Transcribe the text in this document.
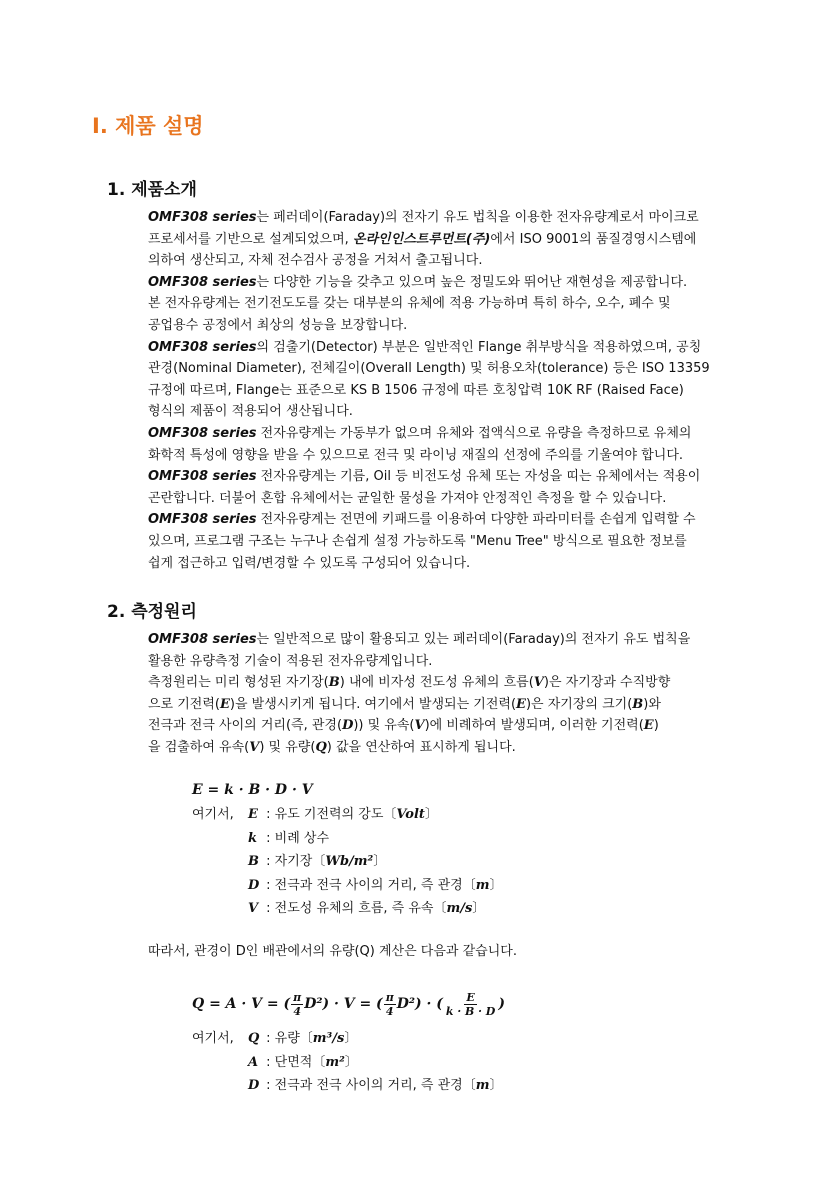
I. 제품 설명
1. 제품소개
OMF308 series는 페러데이(Faraday)의 전자기 유도 법칙을 이용한 전자유량계로서 마이크로
프로세서를 기반으로 설계되었으며, 온라인인스트루먼트(주)에서 ISO 9001의 품질경영시스템에
의하여 생산되고, 자체 전수검사 공정을 거쳐서 출고됩니다.
OMF308 series는 다양한 기능을 갖추고 있으며 높은 정밀도와 뛰어난 재현성을 제공합니다.
본 전자유량계는 전기전도도를 갖는 대부분의 유체에 적용 가능하며 특히 하수, 오수, 폐수 및
공업용수 공정에서 최상의 성능을 보장합니다.
OMF308 series의 검출기(Detector) 부분은 일반적인 Flange 취부방식을 적용하였으며, 공칭
관경(Nominal Diameter), 전체길이(Overall Length) 및 허용오차(tolerance) 등은 ISO 13359
규정에 따르며, Flange는 표준으로 KS B 1506 규정에 따른 호칭압력 10K RF (Raised Face)
형식의 제품이 적용되어 생산됩니다.
OMF308 series 전자유량계는 가동부가 없으며 유체와 접액식으로 유량을 측정하므로 유체의
화학적 특성에 영향을 받을 수 있으므로 전극 및 라이닝 재질의 선정에 주의를 기울여야 합니다.
OMF308 series 전자유량계는 기름, Oil 등 비전도성 유체 또는 자성을 띠는 유체에서는 적용이
곤란합니다. 더불어 혼합 유체에서는 균일한 물성을 가져야 안정적인 측정을 할 수 있습니다.
OMF308 series 전자유량계는 전면에 키패드를 이용하여 다양한 파라미터를 손쉽게 입력할 수
있으며, 프로그램 구조는 누구나 손쉽게 설정 가능하도록 "Menu Tree" 방식으로 필요한 정보를
쉽게 접근하고 입력/변경할 수 있도록 구성되어 있습니다.
2. 측정원리
OMF308 series는 일반적으로 많이 활용되고 있는 페러데이(Faraday)의 전자기 유도 법칙을
활용한 유량측정 기술이 적용된 전자유량계입니다.
측정원리는 미리 형성된 자기장(B) 내에 비자성 전도성 유체의 흐름(V)은 자기장과 수직방향
으로 기전력(E)을 발생시키게 됩니다. 여기에서 발생되는 기전력(E)은 자기장의 크기(B)와
전극과 전극 사이의 거리(즉, 관경(D)) 및 유속(V)에 비례하여 발생되며, 이러한 기전력(E)
을 검출하여 유속(V) 및 유량(Q) 값을 연산하여 표시하게 됩니다.

E = k · B · D · V

여기서, E : 유도 기전력의 강도〔Volt〕
k : 비례 상수
B : 자기장〔Wb/m²〕
D : 전극과 전극 사이의 거리, 즉 관경〔m〕
V : 전도성 유체의 흐름, 즉 유속〔m/s〕

따라서, 관경이 D인 배관에서의 유량(Q) 계산은 다음과 같습니다.

Q = A · V = ( $\frac{\pi}{4} D^2$ ) · V = ( $\frac{\pi}{4} D^2$ ) · ( $\frac{E}{k \cdot B \cdot D}$ )
여기서, Q : 유량〔m³/s〕
A : 단면적〔m²〕
D : 전극과 전극 사이의 거리, 즉 관경〔m〕
